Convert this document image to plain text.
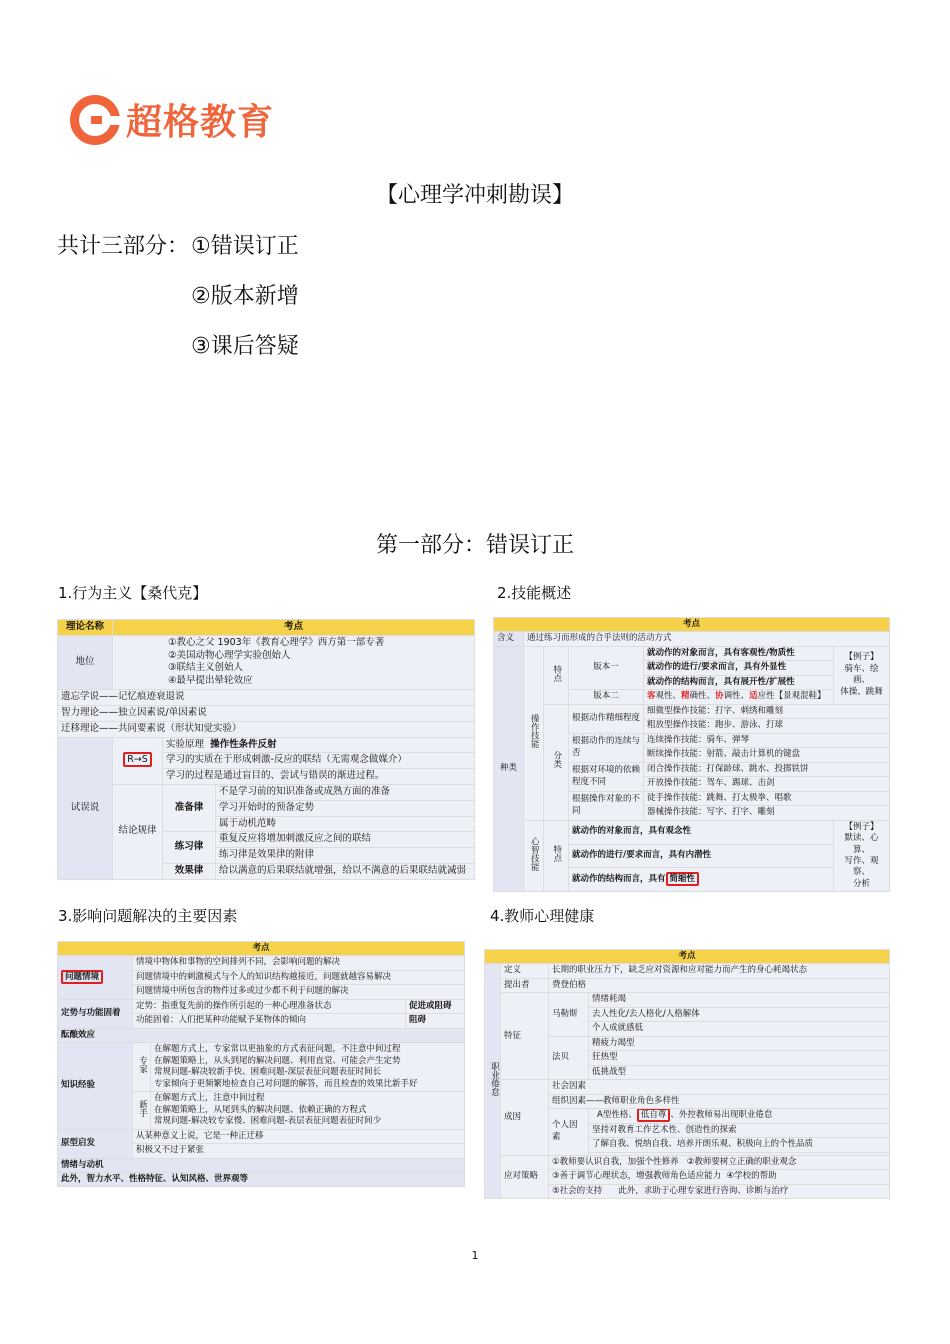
超格教育
【心理学冲刺勘误】
共计三部分： ①错误订正
②版本新增
③课后答疑
第一部分：错误订正
1.行为主义【桑代克】
理论名称	考点		
地位	①教心之父 1903年《教育心理学》西方第一部专著
②美国动物心理学实验创始人
③联结主义创始人
④最早提出晕轮效应		

遗忘学说——记忆痕迹衰退说			
智力理论——独立因素说/单因素说			
迁移理论——共同要素说（形状知觉实验）			
试误说	R→S	实验原理 操作性条件反射	
		学习的实质在于形成刺激-反应的联结（无需观念做媒介）	
		学习的过程是通过盲目的、尝试与错误的渐进过程。	
	结论规律	准备律	不是学习前的知识准备或成熟方面的准备
			学习开始时的预备定势
			属于动机范畴
		练习律	重复反应将增加刺激反应之间的联结
			练习律是效果律的附律
		效果律	给以满意的后果联结就增强，给以不满意的后果联结就减弱
2.技能概述
考点					
含义	通过练习而形成的合乎法则的活动方式				
种类	操作技能	特点	版本一	就动作的对象而言，具有客观性/物质性	【例子】
骑车、绘画、
体操、跳舞

				就动作的进行/要求而言，具有外显性	
				就动作的结构而言，具有展开性/扩展性	
			版本二	客观性、精确性、协调性、适应性【景观混鞋】	
		分类	根据动作精细程度	细微型操作技能：打字、刺绣和雕刻	
				粗放型操作技能：跑步、游泳、打球	
			根据动作的连续与否	连续操作技能：骑车、弹琴	
				断续操作技能：射箭、敲击计算机的键盘	
			根据对环境的依赖程度不同	闭合操作技能：打保龄球、跳水、投掷铁饼	
				开放操作技能：驾车、踢球、击剑	
			根据操作对象的不同	徒手操作技能：跳舞、打太极拳、唱歌	
				器械操作技能：写字、打字、雕刻	
	心智技能	特点	就动作的对象而言，具有观念性		【例子】
默读、心算、
写作、观察、
分析

			就动作的进行/要求而言，具有内潜性		
			就动作的结构而言，具有 简缩性		
3.影响问题解决的主要因素
考点			
问题情境	情境中物体和事物的空间排列不同，会影响问题的解决		
	问题情境中的刺激模式与个人的知识结构越接近，问题就越容易解决		
	问题情境中所包含的物件过多或过少都不利于问题的解决		
定势与功能固着	定势：指重复先前的操作所引起的一种心理准备状态		促进或阻碍
	功能固着：人们把某种功能赋予某物体的倾向		阻碍
酝酿效应			
知识经验	专家	在解题方式上，专家常以更抽象的方式表征问题，不注意中间过程
在解题策略上，从头到尾的解决问题、利用直觉、可能会产生定势
常规问题-解决较新手快、困难问题-深层表征问题表征时间长
专家倾向于更频繁地检查自己对问题的解答，而且检查的效果比新手好	

	新手	在解题方式上，注意中间过程
在解题策略上，从尾到头的解决问题、依赖正确的方程式
常规问题-解决较专家慢、困难问题-表层表征问题表征时间少	

原型启发	从某种意义上说，它是一种正迁移		
	积极又不过于紧张		
情绪与动机			
此外，智力水平、性格特征、认知风格、世界观等			
4.教师心理健康
考点			
职业倦怠	定义	长期的职业压力下，缺乏应对资源和应对能力而产生的身心耗竭状态	
	提出者	费登伯格	
	特征	马勒斯	情绪耗竭
			去人性化/去人格化/人格解体
			个人成就感低
		法贝	精疲力竭型
			狂热型
			低挑战型
	成因	社会因素	
		组织因素——教师职业角色多样性	
		个人因素	A型性格、 低自尊 、外控教师易出现职业倦怠
			坚持对教育工作艺术性、创造性的探索
			了解自我、悦纳自我、培养开朗乐观、积极向上的个性品质

	应对策略	①教师要认识自我，加强个性修养 ②教师要树立正确的职业观念	
		③善于调节心理状态，增强教师角色适应能力 ④学校的帮助	
		⑤社会的支持 此外，求助于心理专家进行咨询、诊断与治疗	
1
